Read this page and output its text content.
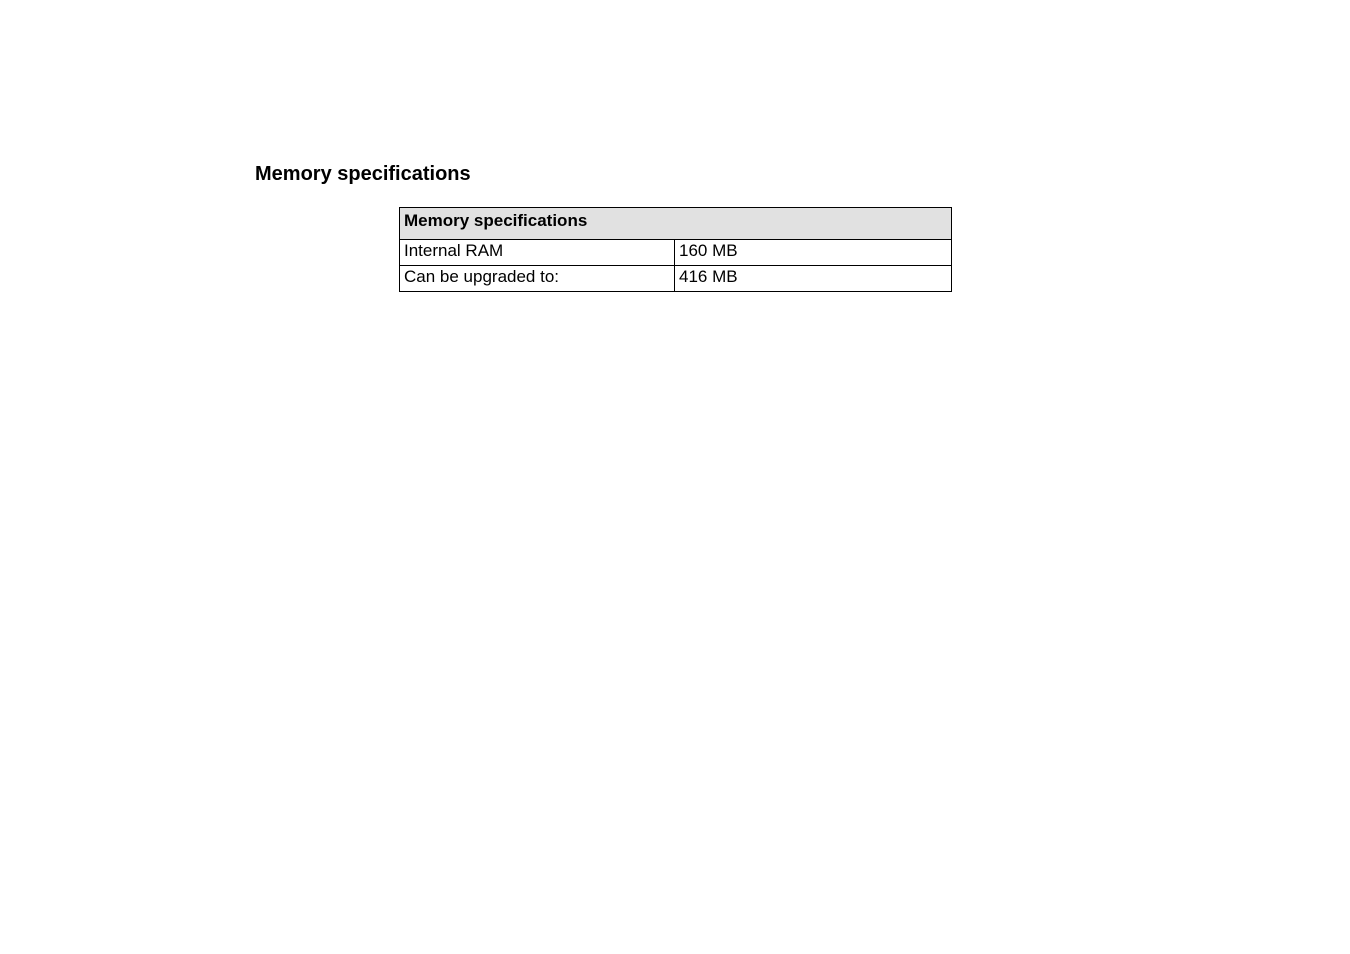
Memory specifications
Memory specifications	
Internal RAM	160 MB
Can be upgraded to:	416 MB
